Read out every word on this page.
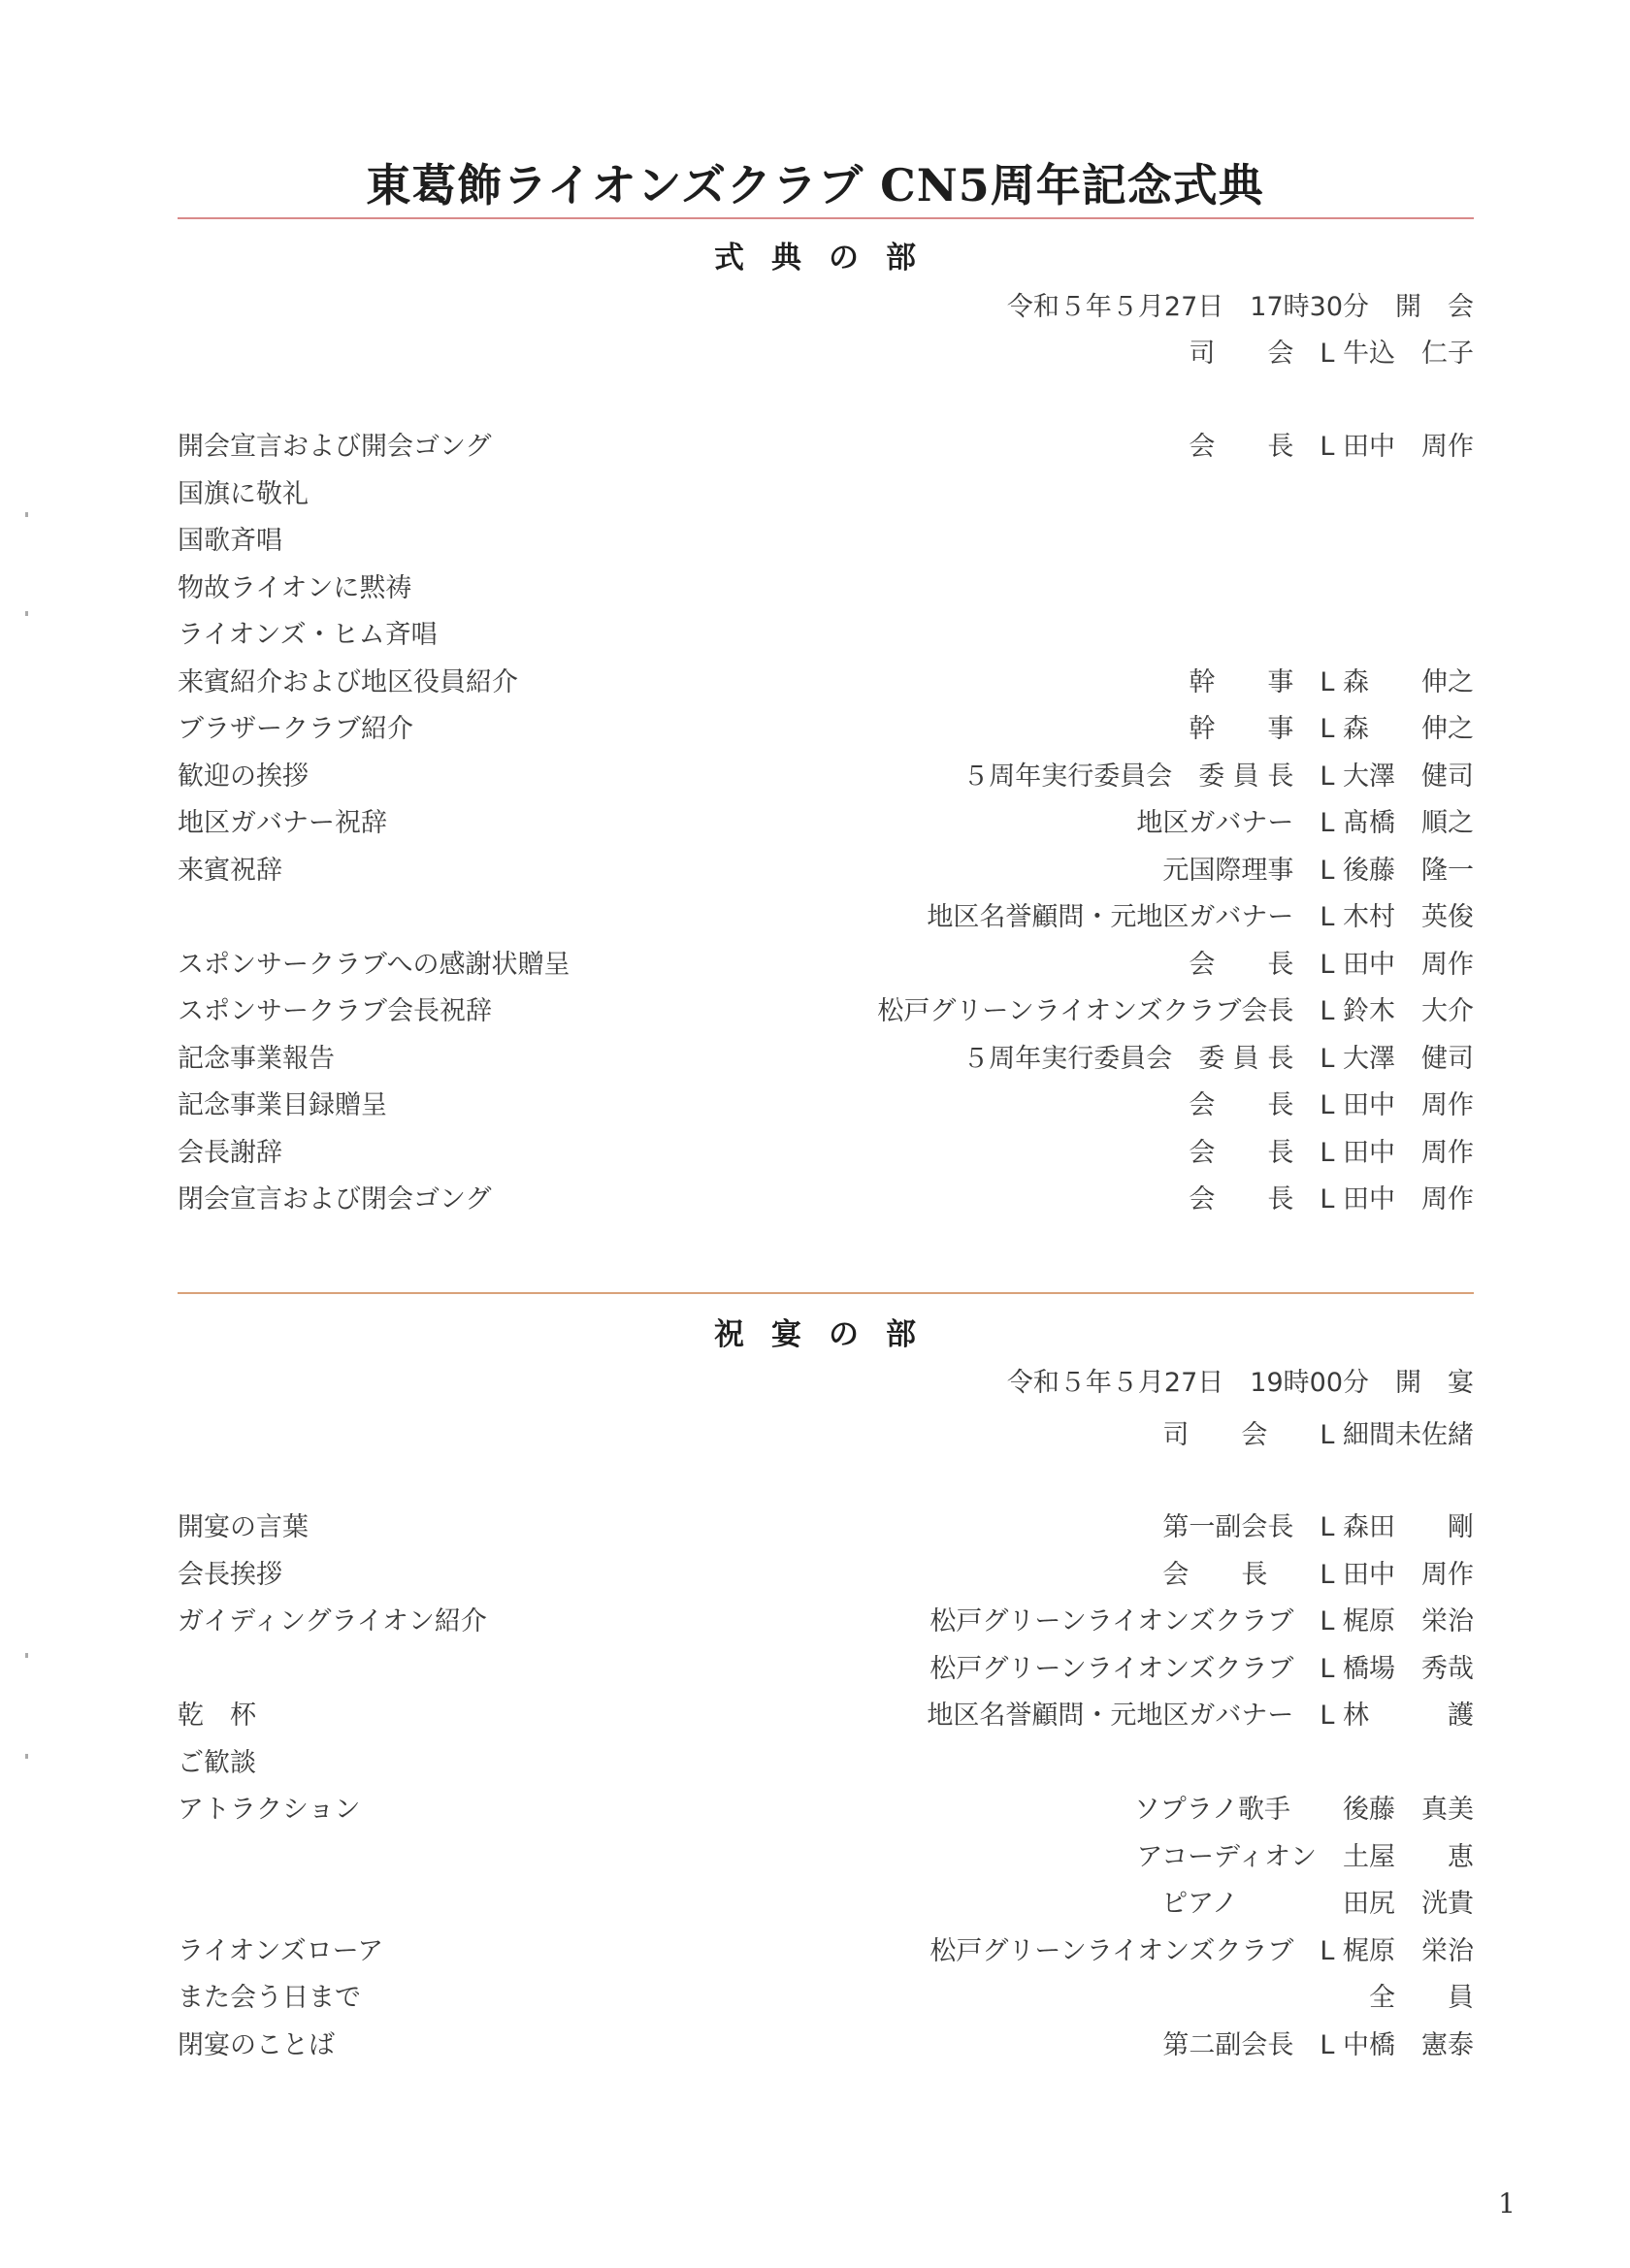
東葛飾ライオンズクラブ CN5周年記念式典
式典の部
令和５年５月27日　17時30分　開　会
司　　会　L 牛込　仁子
開会宣言および開会ゴング	会　　長　L 田中　周作
国旗に敬礼
国歌斉唱
物故ライオンに黙祷
ライオンズ・ヒム斉唱
来賓紹介および地区役員紹介	幹　　事　L 森　　伸之
ブラザークラブ紹介	幹　　事　L 森　　伸之
歓迎の挨拶	５周年実行委員会　委 員 長　L 大澤　健司
地区ガバナー祝辞	地区ガバナー　L 髙橋　順之
来賓祝辞	元国際理事　L 後藤　隆一
地区名誉顧問・元地区ガバナー　L 木村　英俊
スポンサークラブへの感謝状贈呈	会　　長　L 田中　周作
スポンサークラブ会長祝辞	松戸グリーンライオンズクラブ会長　L 鈴木　大介
記念事業報告	５周年実行委員会　委 員 長　L 大澤　健司
記念事業目録贈呈	会　　長　L 田中　周作
会長謝辞	会　　長　L 田中　周作
閉会宣言および閉会ゴング	会　　長　L 田中　周作
祝宴の部
令和５年５月27日　19時00分　開　宴
司　　会　　L 細間未佐緒
開宴の言葉	第一副会長　L 森田　　剛
会長挨拶	会　　長　　L 田中　周作
ガイディングライオン紹介	松戸グリーンライオンズクラブ　L 梶原　栄治
松戸グリーンライオンズクラブ　L 橋場　秀哉
乾　杯	地区名誉顧問・元地区ガバナー　L 林　　　護
ご歓談
アトラクション	ソプラノ歌手　　後藤　真美
アコーディオン　土屋　　恵
ピアノ　　　　田尻　洸貴
ライオンズローア	松戸グリーンライオンズクラブ　L 梶原　栄治
また会う日まで	全　　員
閉宴のことば	第二副会長　L 中橋　憲泰
1
